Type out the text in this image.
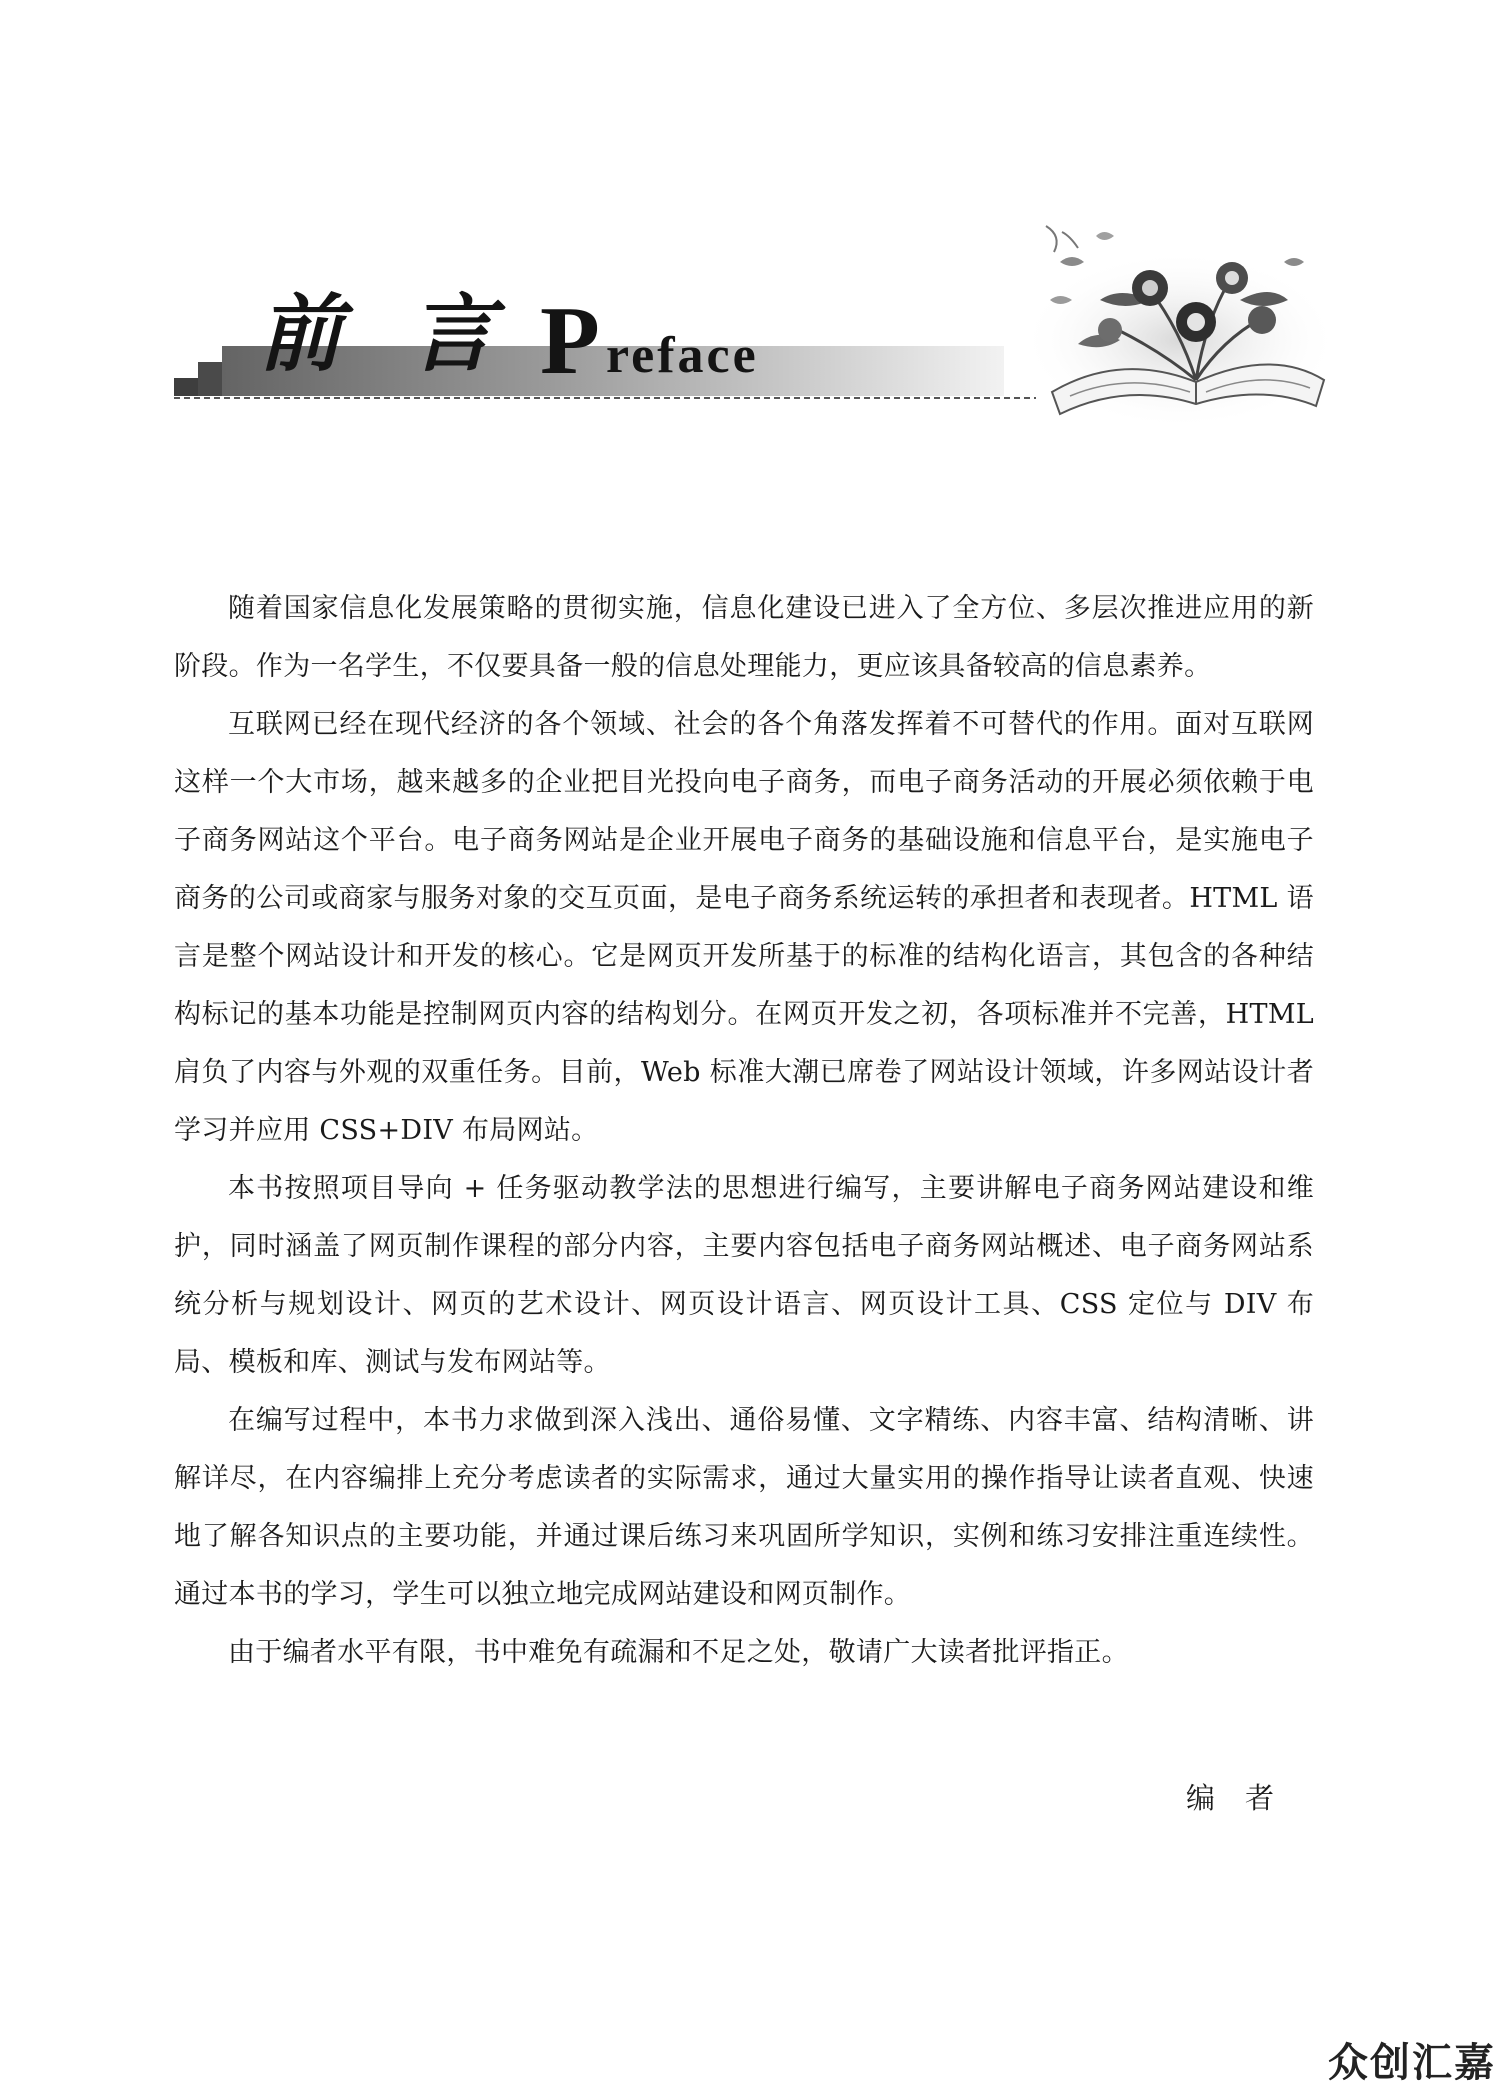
前 言 P reface

随着国家信息化发展策略的贯彻实施，信息化建设已进入了全方位、多层次推进应用的新阶段。作为一名学生，不仅要具备一般的信息处理能力，更应该具备较高的信息素养。

互联网已经在现代经济的各个领域、社会的各个角落发挥着不可替代的作用。面对互联网这样一个大市场，越来越多的企业把目光投向电子商务，而电子商务活动的开展必须依赖于电子商务网站这个平台。电子商务网站是企业开展电子商务的基础设施和信息平台，是实施电子商务的公司或商家与服务对象的交互页面，是电子商务系统运转的承担者和表现者。HTML 语言是整个网站设计和开发的核心。它是网页开发所基于的标准的结构化语言，其包含的各种结构标记的基本功能是控制网页内容的结构划分。在网页开发之初，各项标准并不完善，HTML 肩负了内容与外观的双重任务。目前，Web 标准大潮已席卷了网站设计领域，许多网站设计者学习并应用 CSS+DIV 布局网站。

本书按照项目导向 + 任务驱动教学法的思想进行编写，主要讲解电子商务网站建设和维护，同时涵盖了网页制作课程的部分内容，主要内容包括电子商务网站概述、电子商务网站系统分析与规划设计、网页的艺术设计、网页设计语言、网页设计工具、CSS 定位与 DIV 布局、模板和库、测试与发布网站等。

在编写过程中，本书力求做到深入浅出、通俗易懂、文字精练、内容丰富、结构清晰、讲解详尽，在内容编排上充分考虑读者的实际需求，通过大量实用的操作指导让读者直观、快速地了解各知识点的主要功能，并通过课后练习来巩固所学知识，实例和练习安排注重连续性。通过本书的学习，学生可以独立地完成网站建设和网页制作。

由于编者水平有限，书中难免有疏漏和不足之处，敬请广大读者批评指正。

编者
众创汇嘉
